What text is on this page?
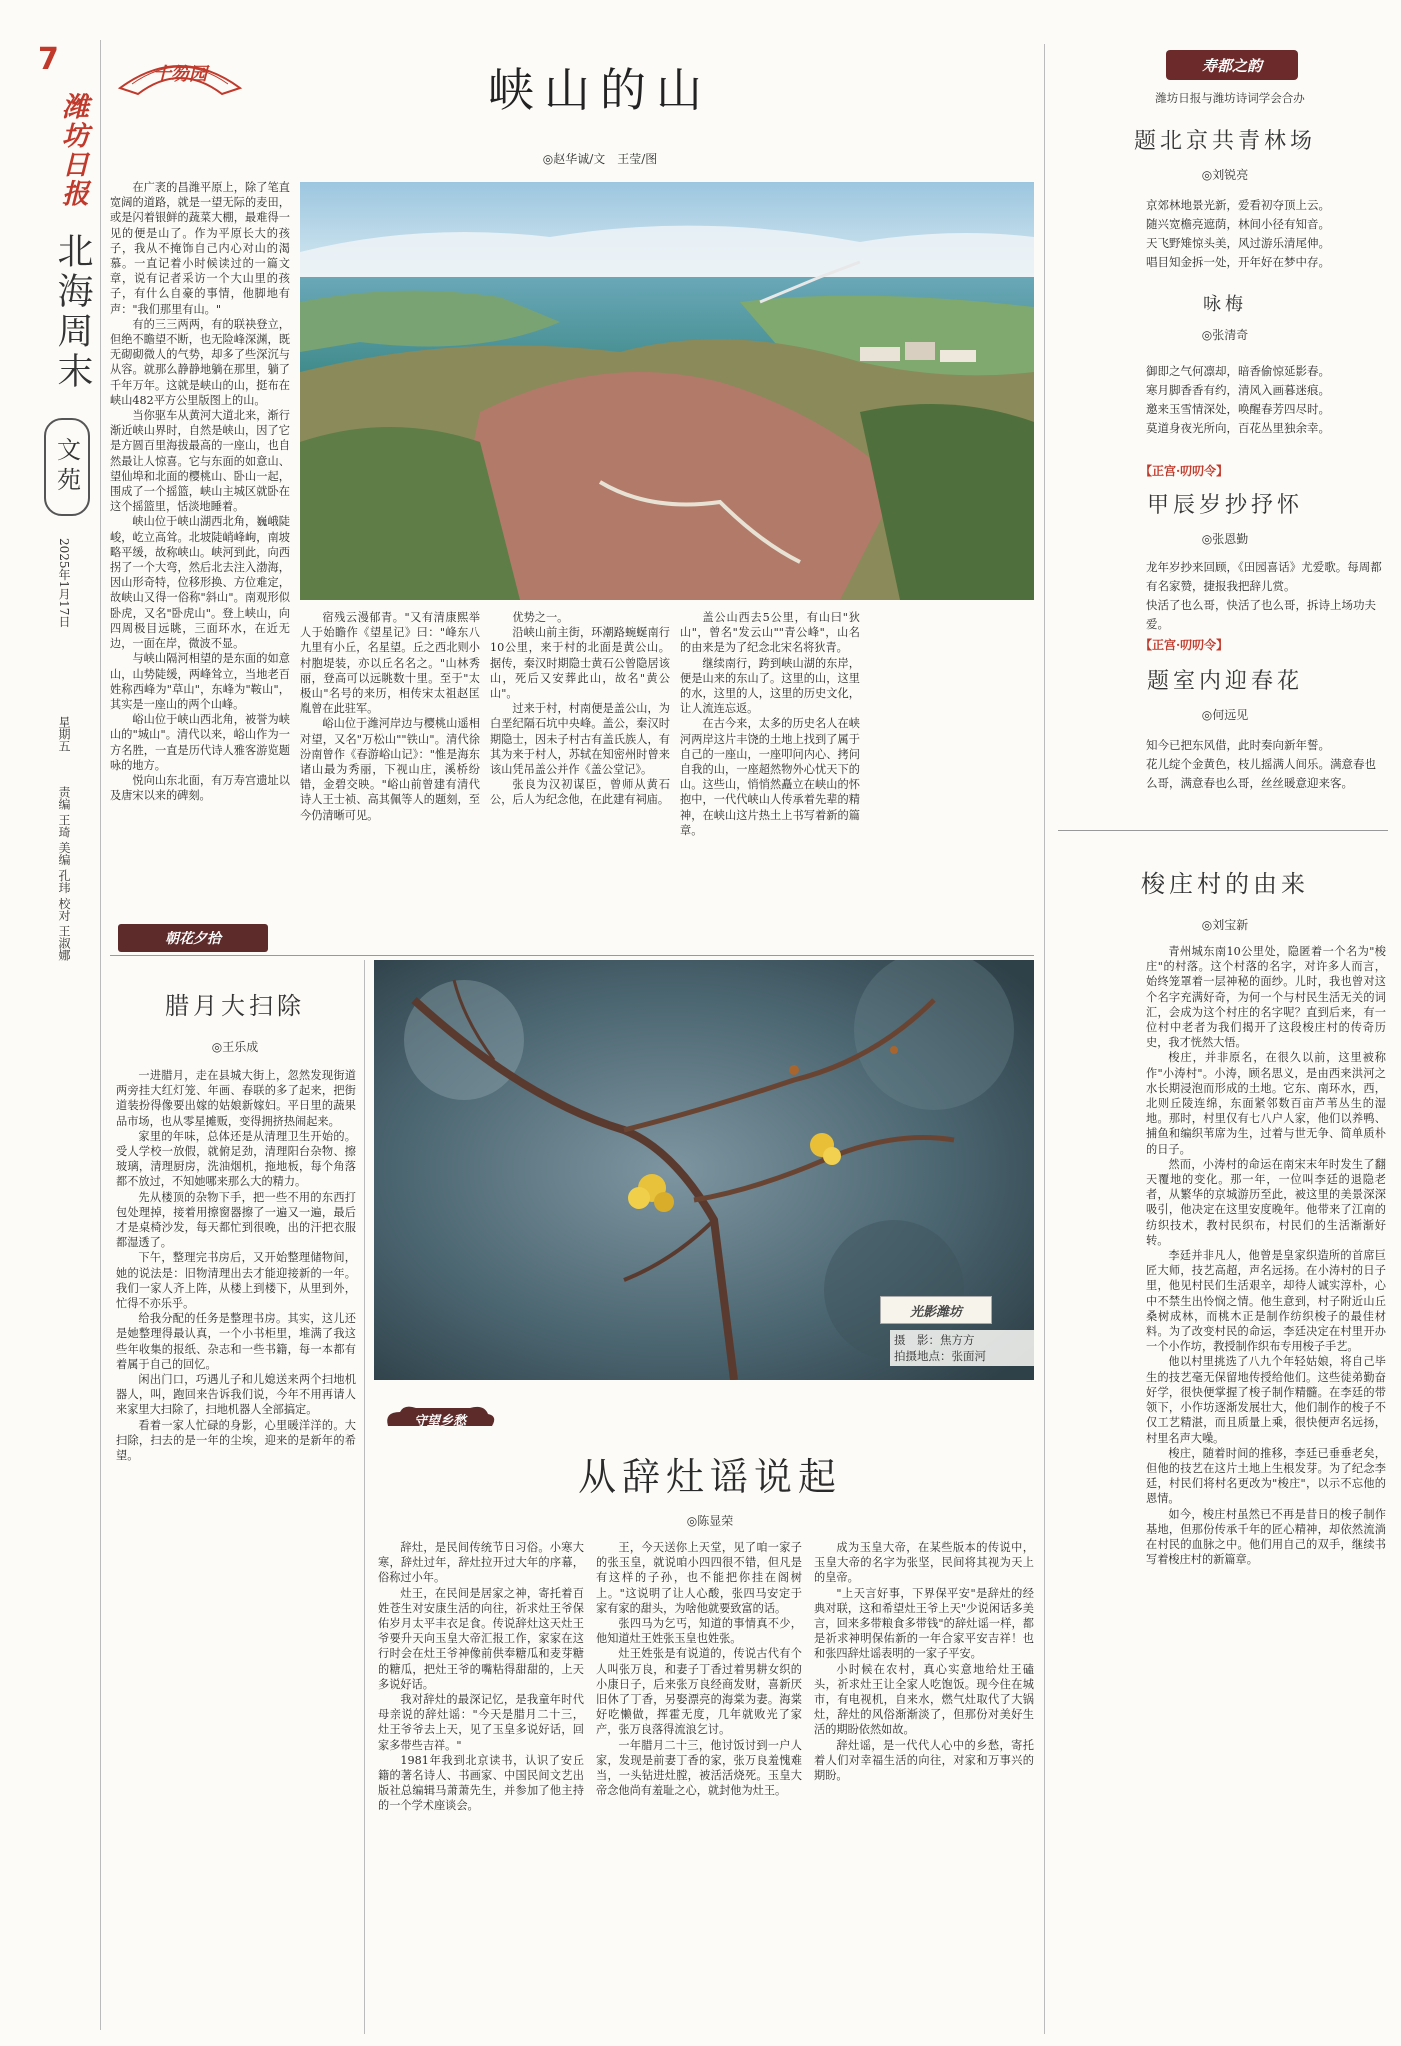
7
潍坊日报
北海周末
文苑
2025年1月17日
星期五
责编 王琦 美编 孔玮 校对 王淑娜
十笏园	峡山的山
◎赵华诚/文　王莹/图

在广袤的昌潍平原上，除了笔直宽阔的道路，就是一望无际的麦田，或是闪着银鲜的蔬菜大棚，最难得一见的便是山了。作为平原长大的孩子，我从不掩饰自己内心对山的渴慕。一直记着小时候读过的一篇文章，说有记者采访一个大山里的孩子，有什么自豪的事情，他脚地有声："我们那里有山。"

有的三三两两，有的联袂登立，但绝不瞻望不断，也无险峰深渊，既无砌砌微人的气势，却多了些深沉与从容。就那么静静地躺在那里，躺了千年万年。这就是峡山的山，挺布在峡山482平方公里版图上的山。

当你驱车从黄河大道北来，渐行渐近峡山界时，自然是峡山，因了它是方圆百里海拔最高的一座山，也自然最让人惊喜。它与东面的如意山、望仙埠和北面的樱桃山、卧山一起，围成了一个摇篮，峡山主城区就卧在这个摇篮里，恬淡地睡着。

峡山位于峡山湖西北角，巍峨陡峻，屹立高耸。北坡陡峭峰峋，南坡略平缓，故称峡山。峡河到此，向西拐了一个大弯，然后北去注入渤海，因山形奇特，位移形换、方位难定，故峡山又得一俗称"斜山"。南观形似卧虎，又名"卧虎山"。登上峡山，向四周极目远眺，三面环水，在近无边，一面在岸，微波不显。

与峡山隔河相望的是东面的如意山，山势陡缓，两峰耸立，当地老百姓称西峰为"草山"，东峰为"鞍山"，其实是一座山的两个山峰。

峪山位于峡山西北角，被誉为峡山的"城山"。清代以来，峪山作为一方名胜，一直是历代诗人雅客游览题咏的地方。

悦向山东北面，有万寿宫遗址以及唐宋以来的碑刻。

宿残云漫郁青。"又有清康熙举人于始瞻作《望星记》曰："峰东八九里有小丘，名星望。丘之西北则小村胞堤装，亦以丘名名之。"山林秀丽，登高可以远眺数十里。至于"太极山"名号的来历，相传宋太祖赵匡胤曾在此驻军。

峪山位于潍河岸边与樱桃山遥相对望，又名"万松山""铁山"。清代徐汾南曾作《春游峪山记》："惟是海东诸山最为秀丽，下视山庄，溪桥纷错，金碧交映。"峪山前曾建有清代诗人王士祯、高其佩等人的题刻，至今仍清晰可见。

优势之一。

沿峡山前主街，环潮路蜿蜒南行10公里，来于村的北面是黄公山。据传，秦汉时期隐士黄石公曾隐居该山，死后又安葬此山，故名"黄公山"。

过来于村，村南便是盖公山，为白垩纪隔石坑中央峰。盖公，秦汉时期隐士，因未子村古有盖氏族人，有其为来于村人，苏轼在知密州时曾来该山凭吊盖公并作《盖公堂记》。

张良为汉初谋臣，曾师从黄石公，后人为纪念他，在此建有祠庙。

盖公山西去5公里，有山曰"狄山"，曾名"发云山""青公峰"，山名的由来是为了纪念北宋名将狄青。

继续南行，跨到峡山湖的东岸，便是山来的东山了。这里的山，这里的水，这里的人，这里的历史文化，让人流连忘返。

在古今来，太多的历史名人在峡河两岸这片丰饶的土地上找到了属于自己的一座山，一座叩问内心、拷问自我的山，一座超然物外心忧天下的山。这些山，悄悄然矗立在峡山的怀抱中，一代代峡山人传承着先辈的精神，在峡山这片热土上书写着新的篇章。

寿都之韵
潍坊日报与潍坊诗词学会合办
题北京共青林场
◎刘锐亮

京郊林地景光新，爱看初夺顶上云。

随兴宽檐亮遮荫，林间小径有知音。

天飞野雉惊头美，风过游乐清尾伸。

唱目知金拆一处，开年好在梦中存。

咏梅
◎张清奇

御即之气何凛却，暗香偷惊延影春。

寒月脚香香有约，清风入画暮迷痕。

邀来玉雪情深处，唤醒春芳四尽时。

莫道身夜光所向，百花丛里独余幸。

【正宫·叨叨令】
甲辰岁抄抒怀
◎张恩勤

龙年岁抄来回顾，《田园喜话》尤爱歌。每周都有名家赞，捷报我把辞儿赏。

快活了也么哥，快活了也么哥，拆诗上场功夫爱。

【正宫·叨叨令】
题室内迎春花
◎何远见

知今已把东风借，此时奏向新年誓。

花儿绽个金黄色，枝儿摇满人间乐。满意春也么哥，满意春也么哥，丝丝暖意迎来客。

梭庄村的由来
◎刘宝新

青州城东南10公里处，隐匿着一个名为"梭庄"的村落。这个村落的名字，对许多人而言，始终笼罩着一层神秘的面纱。儿时，我也曾对这个名字充满好奇，为何一个与村民生活无关的词汇，会成为这个村庄的名字呢？直到后来，有一位村中老者为我们揭开了这段梭庄村的传奇历史，我才恍然大悟。

梭庄，并非原名，在很久以前，这里被称作"小涛村"。小涛，顾名思义，是由西来洪河之水长期浸泡而形成的土地。它东、南环水，西，北则丘陵连绵，东面紧邻数百亩芦苇丛生的湿地。那时，村里仅有七八户人家，他们以养鸭、捕鱼和编织苇席为生，过着与世无争、简单质朴的日子。

然而，小涛村的命运在南宋末年时发生了翻天覆地的变化。那一年，一位叫李廷的退隐老者，从繁华的京城游历至此，被这里的美景深深吸引，他决定在这里安度晚年。他带来了江南的纺织技术，教村民织布，村民们的生活渐渐好转。

李廷并非凡人，他曾是皇家织造所的首席巨匠大师，技艺高超，声名远扬。在小涛村的日子里，他见村民们生活艰辛，却待人诚实淳朴，心中不禁生出怜悯之情。他生意到，村子附近山丘桑树成林，而桃木正是制作纺织梭子的最佳材料。为了改变村民的命运，李廷决定在村里开办一个小作坊，教授制作织布专用梭子手艺。

他以村里挑选了八九个年轻姑娘，将自己毕生的技艺毫无保留地传授给他们。这些徒弟勤奋好学，很快便掌握了梭子制作精髓。在李廷的带领下，小作坊逐渐发展壮大，他们制作的梭子不仅工艺精湛，而且质量上乘，很快便声名远扬，村里名声大噪。

梭庄，随着时间的推移，李廷已垂垂老矣，但他的技艺在这片土地上生根发芽。为了纪念李廷，村民们将村名更改为"梭庄"，以示不忘他的恩情。

如今，梭庄村虽然已不再是昔日的梭子制作基地，但那份传承千年的匠心精神，却依然流淌在村民的血脉之中。他们用自己的双手，继续书写着梭庄村的新篇章。

朝花夕拾
腊月大扫除
◎王乐成

一进腊月，走在县城大街上，忽然发现街道两旁挂大红灯笼、年画、春联的多了起来，把街道装扮得像要出嫁的姑娘新嫁妇。平日里的蔬果品市场，也从零星摊贩，变得拥挤热闹起来。

家里的年味，总体还是从清理卫生开始的。受人学校一放假，就俯足劲，清理阳台杂物、擦玻璃，清理厨房，洗油烟机，拖地板，每个角落都不放过，不知她哪来那么大的精力。

先从楼顶的杂物下手，把一些不用的东西打包处理掉，接着用擦窗器擦了一遍又一遍，最后才是桌椅沙发，每天都忙到很晚，出的汗把衣服都湿透了。

下午，整理完书房后，又开始整理储物间，她的说法是：旧物清理出去才能迎接新的一年。我们一家人齐上阵，从楼上到楼下，从里到外，忙得不亦乐乎。

给我分配的任务是整理书房。其实，这儿还是她整理得最认真，一个小书柜里，堆满了我这些年收集的报纸、杂志和一些书籍，每一本都有着属于自己的回忆。

闲出门口，巧遇儿子和儿媳送来两个扫地机器人，叫，跑回来告诉我们说，今年不用再请人来家里大扫除了，扫地机器人全部搞定。

看着一家人忙碌的身影，心里暖洋洋的。大扫除，扫去的是一年的尘埃，迎来的是新年的希望。

光影潍坊
摄　影：焦方方
拍摄地点：张面河
守望乡愁
从辞灶谣说起
◎陈显荣

辞灶，是民间传统节日习俗。小寒大寒，辞灶过年，辞灶拉开过大年的序幕，俗称过小年。

灶王，在民间是居家之神，寄托着百姓苍生对安康生活的向往，祈求灶王爷保佑岁月太平丰衣足食。传说辞灶这天灶王爷要升天向玉皇大帝汇报工作，家家在这行时会在灶王爷神像前供奉糖瓜和麦芽糖的糖瓜，把灶王爷的嘴粘得甜甜的，上天多说好话。

我对辞灶的最深记忆，是我童年时代母亲说的辞灶谣："今天是腊月二十三，灶王爷爷去上天，见了玉皇多说好话，回家多带些吉祥。"

1981年我到北京读书，认识了安丘籍的著名诗人、书画家、中国民间文艺出版社总编辑马萧萧先生，并参加了他主持的一个学术座谈会。

王，今天送你上天堂，见了咱一家子的张玉皇，就说咱小四四很不错，但凡是有这样的子孙，也不能把你挂在阁树上。"这说明了让人心酸，张四马安定于家有家的甜头，为啥他就要致富的话。

张四马为乞丐，知道的事情真不少，他知道灶王姓张玉皇也姓张。

灶王姓张是有说道的，传说古代有个人叫张万良，和妻子丁香过着男耕女织的小康日子，后来张万良经商发财，喜新厌旧休了丁香，另娶漂亮的海棠为妻。海棠好吃懒做，挥霍无度，几年就败光了家产，张万良落得流浪乞讨。

一年腊月二十三，他讨饭讨到一户人家，发现是前妻丁香的家，张万良羞愧难当，一头钻进灶膛，被活活烧死。玉皇大帝念他尚有羞耻之心，就封他为灶王。

成为玉皇大帝，在某些版本的传说中，玉皇大帝的名字为张坚，民间将其视为天上的皇帝。

"上天言好事，下界保平安"是辞灶的经典对联，这和希望灶王爷上天"少说闲话多美言，回来多带粮食多带钱"的辞灶谣一样，都是祈求神明保佑新的一年合家平安吉祥！也和张四辞灶谣表明的一家子平安。

小时候在农村，真心实意地给灶王磕头，祈求灶王让全家人吃饱饭。现今住在城市，有电视机，自来水，燃气灶取代了大锅灶，辞灶的风俗渐渐淡了，但那份对美好生活的期盼依然如故。

辞灶谣，是一代代人心中的乡愁，寄托着人们对幸福生活的向往，对家和万事兴的期盼。
